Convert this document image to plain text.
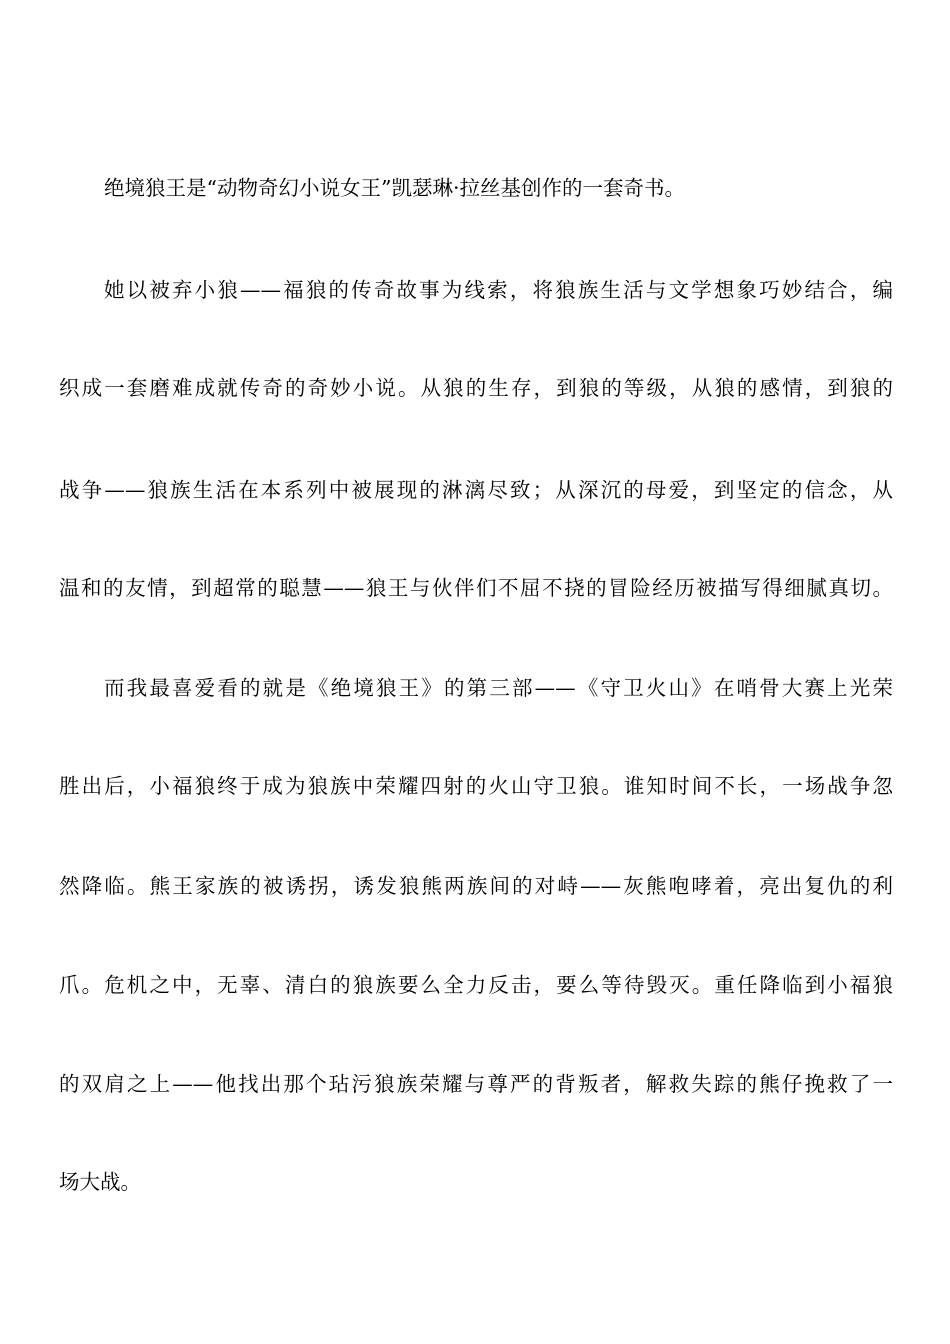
绝境狼王是“动物奇幻小说女王”凯瑟琳·拉丝基创作的一套奇书。
她以被弃小狼——福狼的传奇故事为线索，将狼族生活与文学想象巧妙结合，编
织成一套磨难成就传奇的奇妙小说。从狼的生存，到狼的等级，从狼的感情，到狼的
战争——狼族生活在本系列中被展现的淋漓尽致；从深沉的母爱，到坚定的信念，从
温和的友情，到超常的聪慧——狼王与伙伴们不屈不挠的冒险经历被描写得细腻真切。
而我最喜爱看的就是《绝境狼王》的第三部——《守卫火山》在哨骨大赛上光荣
胜出后，小福狼终于成为狼族中荣耀四射的火山守卫狼。谁知时间不长，一场战争忽
然降临。熊王家族的被诱拐，诱发狼熊两族间的对峙——灰熊咆哮着，亮出复仇的利
爪。危机之中，无辜、清白的狼族要么全力反击，要么等待毁灭。重任降临到小福狼
的双肩之上——他找出那个玷污狼族荣耀与尊严的背叛者，解救失踪的熊仔挽救了一
场大战。
